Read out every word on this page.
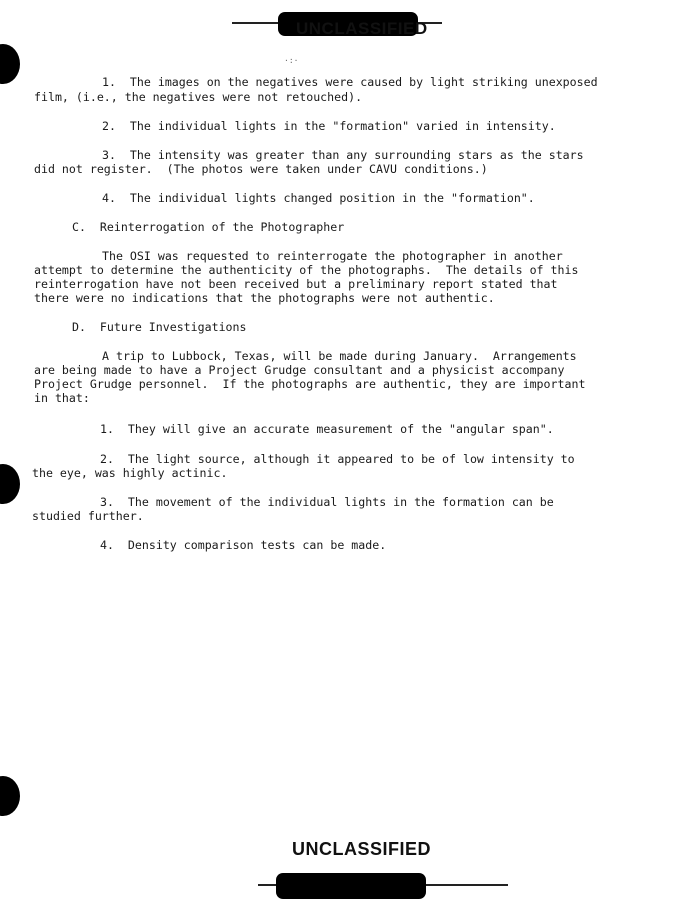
UNCLASSIFIED
·:·
1.  The images on the negatives were caused by light striking unexposed
film, (i.e., the negatives were not retouched).
2.  The individual lights in the "formation" varied in intensity.
3.  The intensity was greater than any surrounding stars as the stars
did not register.  (The photos were taken under CAVU conditions.)
4.  The individual lights changed position in the "formation".
C.  Reinterrogation of the Photographer
The OSI was requested to reinterrogate the photographer in another
attempt to determine the authenticity of the photographs.  The details of this
reinterrogation have not been received but a preliminary report stated that
there were no indications that the photographs were not authentic.
D.  Future Investigations
A trip to Lubbock, Texas, will be made during January.  Arrangements
are being made to have a Project Grudge consultant and a physicist accompany
Project Grudge personnel.  If the photographs are authentic, they are important
in that:
1.  They will give an accurate measurement of the "angular span".
2.  The light source, although it appeared to be of low intensity to
the eye, was highly actinic.
3.  The movement of the individual lights in the formation can be
studied further.
4.  Density comparison tests can be made.
UNCLASSIFIED
